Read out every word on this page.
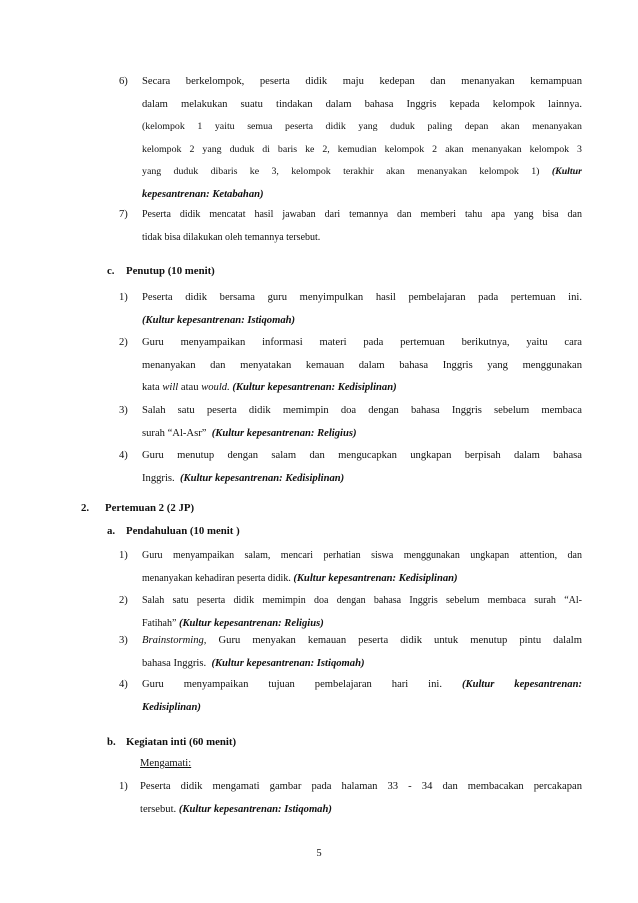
6) Secara berkelompok, peserta didik maju kedepan dan menanyakan kemampuan
dalam melakukan suatu tindakan dalam bahasa Inggris kepada kelompok lainnya.
(kelompok 1 yaitu semua peserta didik yang duduk paling depan akan menanyakan
kelompok 2 yang duduk di baris ke 2, kemudian kelompok 2 akan menanyakan kelompok 3
yang duduk dibaris ke 3, kelompok terakhir akan menanyakan kelompok 1) (Kultur
kepesantrenan: Ketabahan)
7) Peserta didik mencatat hasil jawaban dari temannya dan memberi tahu apa yang bisa dan
tidak bisa dilakukan oleh temannya tersebut.
c. Penutup (10 menit)
1) Peserta didik bersama guru menyimpulkan hasil pembelajaran pada pertemuan ini.
(Kultur kepesantrenan: Istiqomah)
2) Guru menyampaikan informasi materi pada pertemuan berikutnya, yaitu cara
menanyakan dan menyatakan kemauan dalam bahasa Inggris yang menggunakan
kata will atau would. (Kultur kepesantrenan: Kedisiplinan)
3) Salah satu peserta didik memimpin doa dengan bahasa Inggris sebelum membaca
surah “Al-Asr” (Kultur kepesantrenan: Religius)
4) Guru menutup dengan salam dan mengucapkan ungkapan berpisah dalam bahasa
Inggris. (Kultur kepesantrenan: Kedisiplinan)
2. Pertemuan 2 (2 JP)
a. Pendahuluan (10 menit )
1) Guru menyampaikan salam, mencari perhatian siswa menggunakan ungkapan attention, dan
menanyakan kehadiran peserta didik. (Kultur kepesantrenan: Kedisiplinan)
2) Salah satu peserta didik memimpin doa dengan bahasa Inggris sebelum membaca surah “Al-
Fatihah” (Kultur kepesantrenan: Religius)
3) Brainstorming, Guru menyakan kemauan peserta didik untuk menutup pintu dalalm
bahasa Inggris. (Kultur kepesantrenan: Istiqomah)
4) Guru menyampaikan tujuan pembelajaran hari ini. (Kultur kepesantrenan:
Kedisiplinan)
b. Kegiatan inti (60 menit)
Mengamati:
1) Peserta didik mengamati gambar pada halaman 33 - 34 dan membacakan percakapan
tersebut. (Kultur kepesantrenan: Istiqomah)
5
